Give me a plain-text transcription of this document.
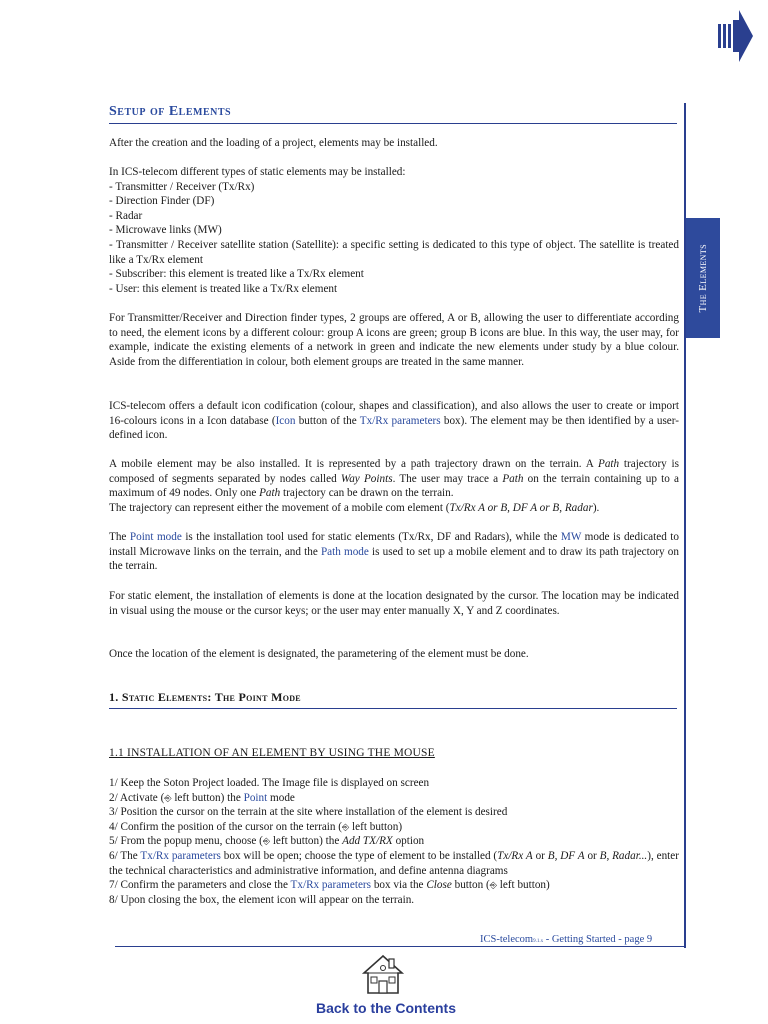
The Elements
Setup of Elements

After the creation and the loading of a project, elements may be installed.

In ICS-telecom different types of static elements may be installed:

- Transmitter / Receiver (Tx/Rx)

- Direction Finder (DF)

- Radar

- Microwave links (MW)

- Transmitter / Receiver satellite station (Satellite): a specific setting is dedicated to this type of object. The satellite is treated like a Tx/Rx element

- Subscriber: this element is treated like a Tx/Rx element

- User: this element is treated like a Tx/Rx element

For Transmitter/Receiver and Direction finder types, 2 groups are offered, A or B, allowing the user to differentiate according to need, the element icons by a different colour: group A icons are green; group B icons are blue. In this way, the user may, for example, indicate the existing elements of a network in green and indicate the new elements under study by a blue colour. Aside from the differentiation in colour, both element groups are treated in the same manner.

ICS-telecom offers a default icon codification (colour, shapes and classification), and also allows the user to create or import 16-colours icons in a Icon database (Icon button of the Tx/Rx parameters box). The element may be then identified by a user-defined icon.

A mobile element may be also installed. It is represented by a path trajectory drawn on the terrain. A Path trajectory is composed of segments separated by nodes called Way Points. The user may trace a Path on the terrain containing up to a maximum of 49 nodes. Only one Path trajectory can be drawn on the terrain.

The trajectory can represent either the movement of a mobile com element (Tx/Rx A or B, DF A or B, Radar).

The Point mode is the installation tool used for static elements (Tx/Rx, DF and Radars), while the MW mode is dedicated to install Microwave links on the terrain, and the Path mode is used to set up a mobile element and to draw its path trajectory on the terrain.

For static element, the installation of elements is done at the location designated by the cursor. The location may be indicated in visual using the mouse or the cursor keys; or the user may enter manually X, Y and Z coordinates.

Once the location of the element is designated, the parametering of the element must be done.

1. Static Elements: The Point Mode
1.1 INSTALLATION OF AN ELEMENT BY USING THE MOUSE

1/ Keep the Soton Project loaded. The Image file is displayed on screen

2/ Activate (⎆ left button) the Point mode

3/ Position the cursor on the terrain at the site where installation of the element is desired

4/ Confirm the position of the cursor on the terrain (⎆ left button)

5/ From the popup menu, choose (⎆ left button) the Add TX/RX option

6/ The Tx/Rx parameters box will be open; choose the type of element to be installed (Tx/Rx A or B, DF A or B, Radar...), enter the technical characteristics and administrative information, and define antenna diagrams

7/ Confirm the parameters and close the Tx/Rx parameters box via the Close button (⎆ left button)

8/ Upon closing the box, the element icon will appear on the terrain.

ICS-telecom9.1.x - Getting Started - page 9
Back to the Contents
